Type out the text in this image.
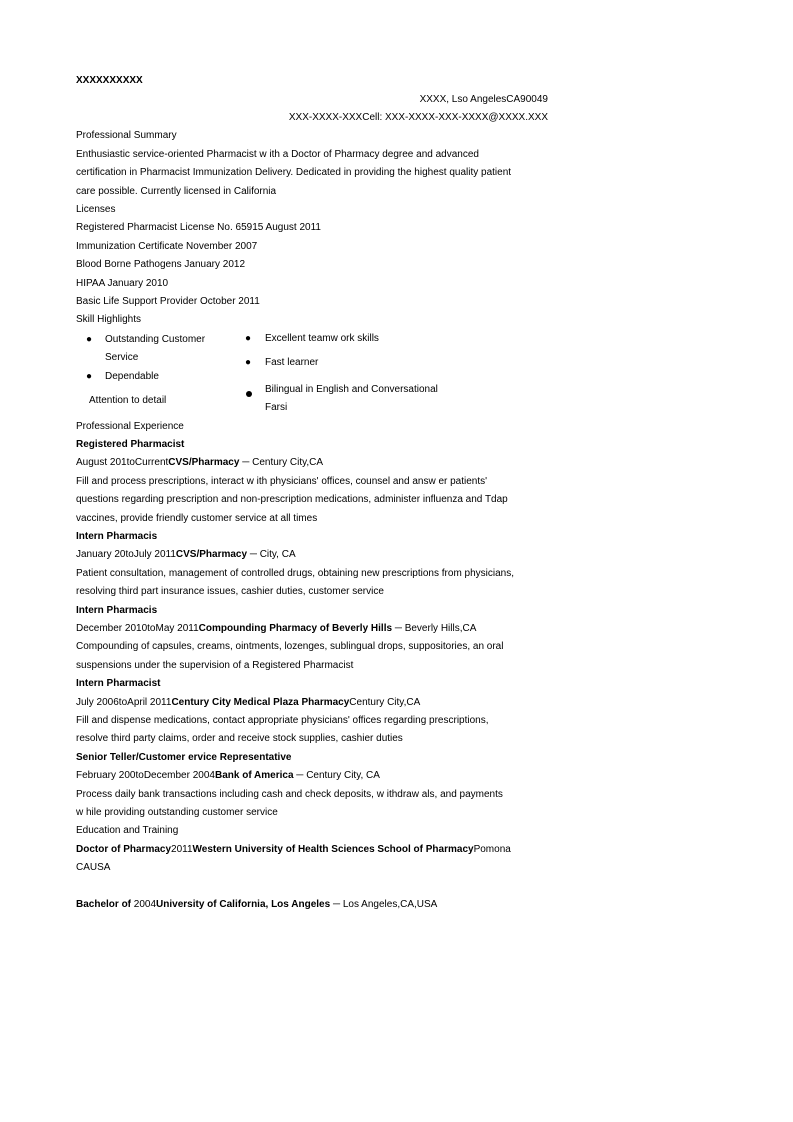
XXXXXXXXXX
XXXX, Lso AngelesCA90049
XXX-XXXX-XXXCell: XXX-XXXX-XXX-XXXX@XXXX.XXX
Professional Summary
Enthusiastic service-oriented Pharmacist w ith a Doctor of Pharmacy degree and advanced
certification in Pharmacist Immunization Delivery. Dedicated in providing the highest quality patient
care possible. Currently licensed in California
Licenses
Registered Pharmacist License No. 65915 August 2011
Immunization Certificate November 2007
Blood Borne Pathogens January 2012
HIPAA January 2010
Basic Life Support Provider October 2011
Skill Highlights
● Outstanding Customer
Service
● Dependable
Attention to detail
● Excellent teamw ork skills
● Fast learner
Bilingual in English and Conversational
Farsi
Professional Experience
Registered Pharmacist
August 201toCurrentCVS/Pharmacy ─ Century City,CA
Fill and process prescriptions, interact w ith physicians' offices, counsel and answ er patients'
questions regarding prescription and non-prescription medications, administer influenza and Tdap
vaccines, provide friendly customer service at all times
Intern Pharmacis
January 20toJuly 2011CVS/Pharmacy ─ City, CA
Patient consultation, management of controlled drugs, obtaining new prescriptions from physicians,
resolving third part insurance issues, cashier duties, customer service
Intern Pharmacis
December 2010toMay 2011Compounding Pharmacy of Beverly Hills ─ Beverly Hills,CA
Compounding of capsules, creams, ointments, lozenges, sublingual drops, suppositories, an oral
suspensions under the supervision of a Registered Pharmacist
Intern Pharmacist
July 2006toApril 2011Century City Medical Plaza PharmacyCentury City,CA
Fill and dispense medications, contact appropriate physicians' offices regarding prescriptions,
resolve third party claims, order and receive stock supplies, cashier duties
Senior Teller/Customer ervice Representative
February 200toDecember 2004Bank of America ─ Century City, CA
Process daily bank transactions including cash and check deposits, w ithdraw als, and payments
w hile providing outstanding customer service
Education and Training
Doctor of Pharmacy2011Western University of Health Sciences School of PharmacyPomona
CAUSA
Bachelor of 2004University of California, Los Angeles ─ Los Angeles,CA,USA
